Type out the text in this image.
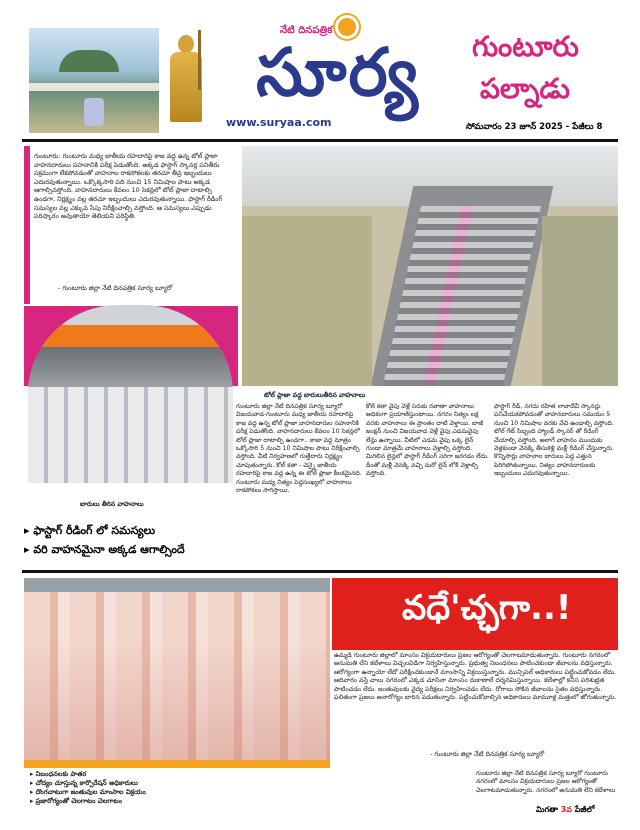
నేటి దినపత్రిక
సూర్య
www.suryaa.com
గుంటూరు
పల్నాడు
సోమవారం 23 జూన్ 2025 - పేజీలు 8
గుంటూరు: గుంటూరు మధ్య జాతీయ రహదారిపై కాజ వద్ద ఉన్న టోల్ ప్లాజా వాహనదారులు సహనానికి పరీక్ష పెడుతోంది. అక్కడ ఫాస్టాగ్ స్కానర్ల పనితీరు సక్రమంగా లేకపోవడంతో వాహనాల రాకపోకలకు తరచూ తీవ్ర ఇబ్బందులు ఎదురవుతున్నాయి. ఒక్కొక్కసారి పది నుంచి 15 నిమిషాల పాటు అక్కడ ఆగాల్సివస్తోంది. వాహనదారులు కేవలం 10 సెకన్లలో టోల్ ప్లాజా దాటాల్సి ఉండగా, నిర్లక్ష్యం వల్ల తరచూ ఇబ్బందులు ఎదురవుతున్నాయి. ఫాస్టాగ్ రీడింగ్ సమస్యల వల్ల ఎక్కువ సేపు నిరీక్షించాల్సి వస్తోంది. ఆ సమస్యలు ఎప్పుడు పరిష్కారం అవుతాయో తెలియని పరిస్థితి.
- గుంటూరు జిల్లా నేటి దినపత్రిక సూర్య బ్యూరో
బారులు తీరిన వాహనాలు
టోల్ ప్లాజా వద్ద బారులుతీరిన వాహనాలు
గుంటూరు జిల్లా నేటి దినపత్రిక సూర్య బ్యూరో విజయవాడ-గుంటూరు మధ్య జాతీయ రహదారిపై కాజ వద్ద ఉన్న టోల్ ప్లాజా వాహనదారుల సహనానికి పరీక్ష పెడుతోంది. వాహనదారులు కేవలం 10 సెకన్లలో టోల్ ప్లాజా దాటాల్సి ఉండగా.. కాజా వద్ద మాత్రం ఒక్కోసారి 5 నుంచి 10 నిమిషాల పాటు నిరీక్షించాల్సి వస్తోంది. వీటి నిర్వహణలో గుత్తేదారు నిర్లక్ష్యం చూపుతున్నారు. కోల్ కతా - చెన్నై జాతీయ రహదారిపై కాజ వద్ద ఉన్న ఈ టోల్ ప్లాజా కీలకమైనది. గుంటూరు మధ్య నిత్యం పెద్దసంఖ్యలో వాహనాలు రాకపోకలు సాగిస్తాయి.
కోల్ కతా వైపు వెళ్లే సరుకు రవాణా వాహనాలు అధికంగా ప్రయాణిస్తుంటాయి. నగరం నిత్యం లక్ష వరకు వాహనాలు ఈ ప్రాంతం దాటి వెళ్తాయి. బాజీ జంక్షన్ నుంచి విజయవాడ వెళ్లే వైపు ఎడమవైపు లేన్లు ఉన్నాయి. వీటిలో ఎడమ వైపు ఒక్క లైన్ గుండా మాత్రమే వాహనాలు వెళ్లాల్సి వస్తోంది. మిగిలిన లైన్లలో ఫాస్టాగ్ రీడింగ్ సరిగా జరగడం లేదు. దీంతో మళ్లీ వెనక్కి వచ్చి మరో లైన్ లోకి వెళ్లాల్సి వస్తోంది.
ఫాస్టాగ్ రీడ్, నగదు రహిత లావాదేవీ స్కానర్లు పనిచేయకపోవడంతో వాహనదారులు సమయం 5 నుంచి 10 నిమిషాల వరకు వేచి ఉండాల్సి వస్తోంది. టోల్ గేట్ సిబ్బంది హ్యాండ్ స్కానర్ తో రీడింగ్ చేయాల్సి వస్తోంది. అలాగే వాహనం ముందుకు వెళ్లకుండా వెనక్కి తీసుకెళ్లి మళ్లీ రీడింగ్ చేస్తున్నారు. కొన్నిసార్లు వాహనాల బారులు పెద్ద ఎత్తున పెరిగిపోతున్నాయి. నిత్యం వాహనదారులకు ఇబ్బందులు ఎదురవుతున్నాయి.
▸ ఫాస్టాగ్ రీడింగ్ లో సమస్యలు
▸ వరి వాహనమైనా అక్కడ ఆగాల్సిందే
వధే'చ్ఛగా..!
ఉమ్మడి గుంటూరు జిల్లాలో మాంసం విక్రయదారులు ప్రజల ఆరోగ్యంతో చెలగాటమాడుతున్నారు. గుంటూరు నగరంలో అనుమతి లేని కబేళాలు విచ్చలవిడిగా నిర్వహిస్తున్నారు. ప్రభుత్వ నిబంధనలు పాటించకుండా జీవాలను వధిస్తున్నారు. ఆరోగ్యంగా ఉన్నాయో లేదో పరీక్షించకుండానే మాంసాన్ని విక్రయిస్తున్నారు. మున్సిపల్ అధికారులు పట్టించుకోవడం లేదు. ఆదివారం వస్తే చాలు నగరంలో ఎక్కడ చూసినా మాంసం దుకాణాలే దర్శనమిస్తున్నాయి. కబేళాల్లో కనీస పరిశుభ్రత పాటించడం లేదు. జంతువులకు వైద్య పరీక్షలు నిర్వహించడం లేదు. రోగాలు సోకిన జీవాలను సైతం వధిస్తున్నారు. ఫలితంగా ప్రజలు అనారోగ్యం బారిన పడుతున్నారు. పట్టించుకోవాల్సిన అధికారులు మామూళ్ల మత్తులో జోగుతున్నారు.
- గుంటూరు జిల్లా నేటి దినపత్రిక సూర్య బ్యూరో
▸ నిబంధనలకు పాతర
▸ చోద్యం చూస్తున్న కార్పొరేషన్ అధికారులు
▸ దొంగచాటుగా జంతువుల మాంసాల విక్రయం
▸ ప్రజారోగ్యంతో చెలగాటం చెలగాటం
గుంటూరు జిల్లా నేటి దినపత్రిక సూర్య బ్యూరో గుంటూరు నగరంలో మాంసం విక్రయదారులు ప్రజల ఆరోగ్యంతో చెలగాటమాడుతున్నారు. నగరంలో అనుమతి లేని కబేళాలు
మిగతా 3వ పేజీలో
